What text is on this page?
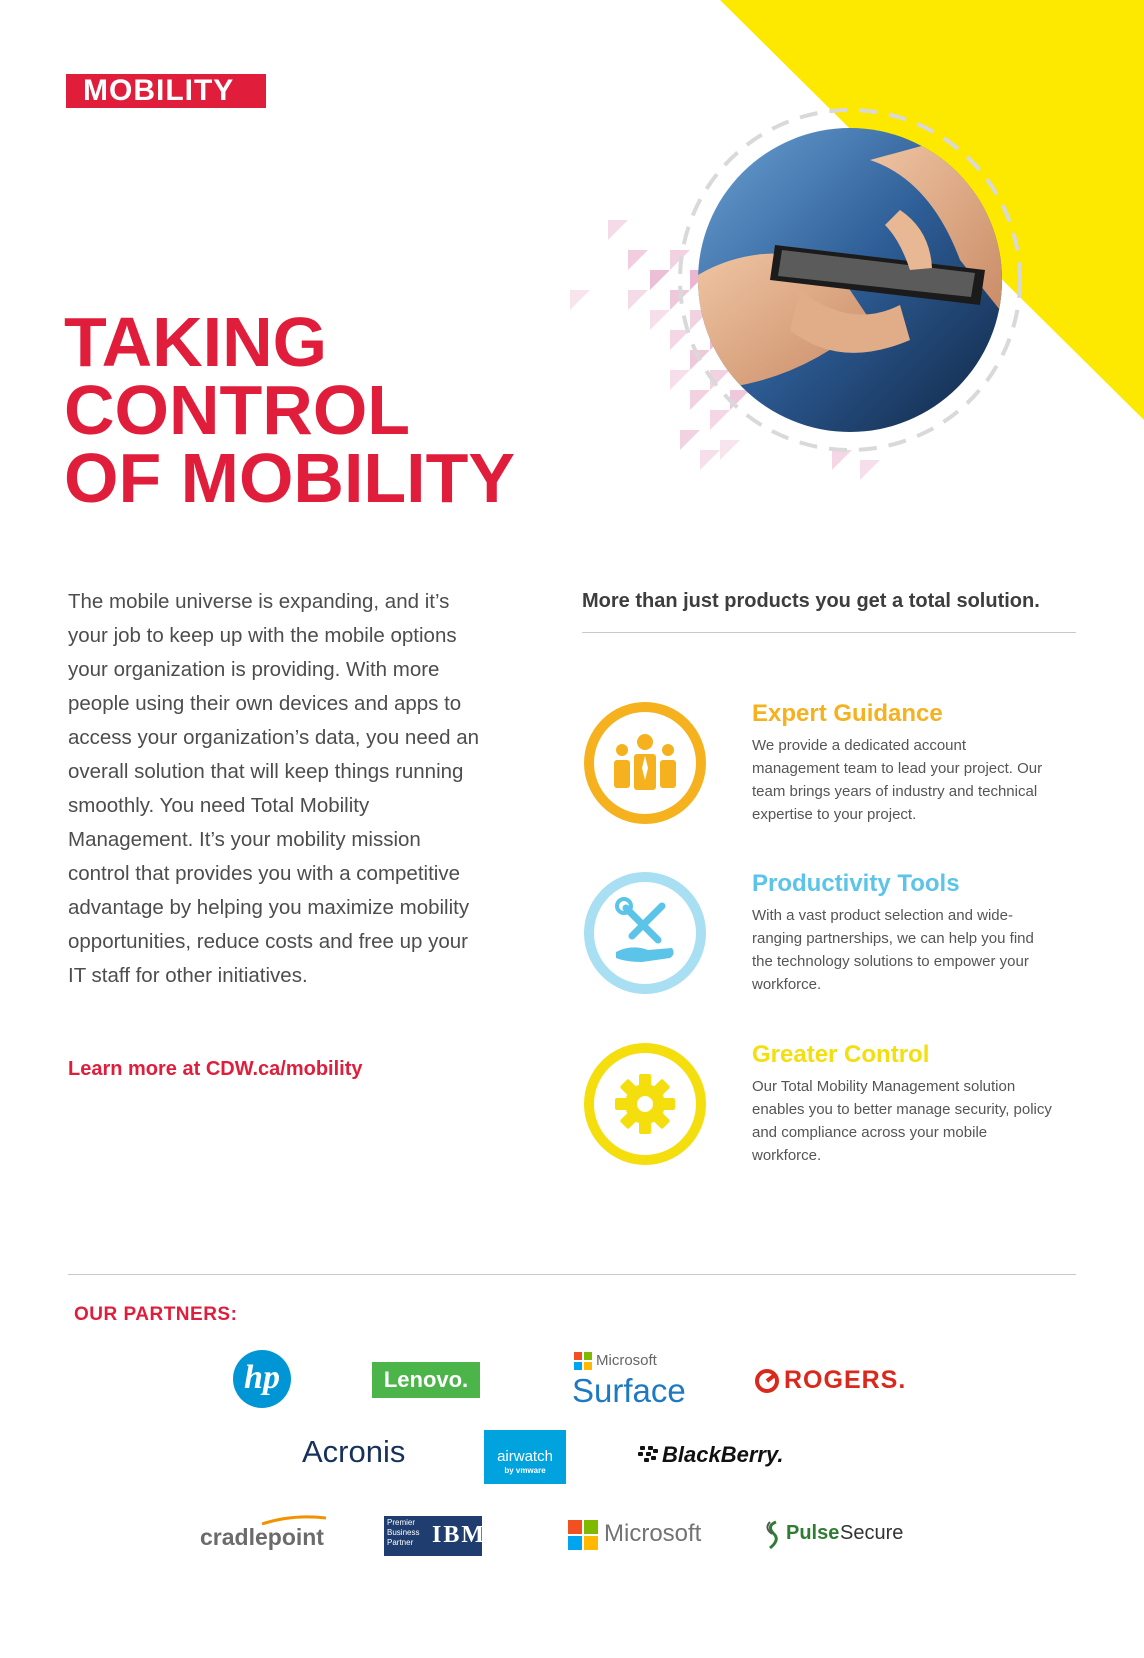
MOBILITY
TAKING
CONTROL
OF MOBILITY

The mobile universe is expanding, and it’s your job to keep up with the mobile options your organization is providing. With more people using their own devices and apps to access your organization’s data, you need an overall solution that will keep things running smoothly. You need Total Mobility Management. It’s your mobility mission control that provides you with a competitive advantage by helping you maximize mobility opportunities, reduce costs and free up your IT staff for other initiatives.

Learn more at CDW.ca/mobility
More than just products you get a total solution.
Expert Guidance
We provide a dedicated account management team to lead your project. Our team brings years of industry and technical expertise to your project.
Productivity Tools
With a vast product selection and wide-ranging partnerships, we can help you find the technology solutions to empower your workforce.
Greater Control
Our Total Mobility Management solution enables you to better manage security, policy and compliance across your mobile workforce.
OUR PARTNERS:
hp	Lenovo.
Microsoft
Surface	ROGERS.
Acronis	airwatch
by vmware
BlackBerry.
cradlepoint
Premier
Business
Partner IBM	Microsoft	Pulse Secure
